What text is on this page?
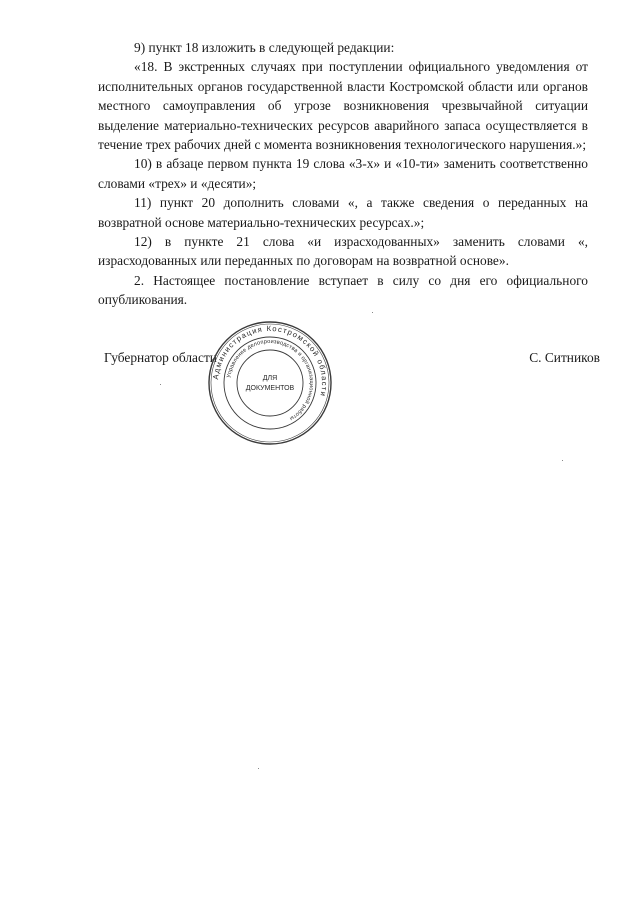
9) пункт 18 изложить в следующей редакции:

«18. В экстренных случаях при поступлении официального уведомления от исполнительных органов государственной власти Костромской области или органов местного самоуправления об угрозе возникновения чрезвычайной ситуации выделение материально-технических ресурсов аварийного запаса осуществляется в течение трех рабочих дней с момента возникновения технологического нарушения.»;

10) в абзаце первом пункта 19 слова «3-х» и «10-ти» заменить соответственно словами «трех» и «десяти»;

11) пункт 20 дополнить словами «, а также сведения о переданных на возвратной основе материально-технических ресурсах.»;

12) в пункте 21 слова «и израсходованных» заменить словами «, израсходованных или переданных по договорам на возвратной основе».

2. Настоящее постановление вступает в силу со дня его официального опубликования.

Губернатор области	С. Ситников
Администрация Костромской области
Управление делопроизводства и организационной работы
ДЛЯ
ДОКУМЕНТОВ
